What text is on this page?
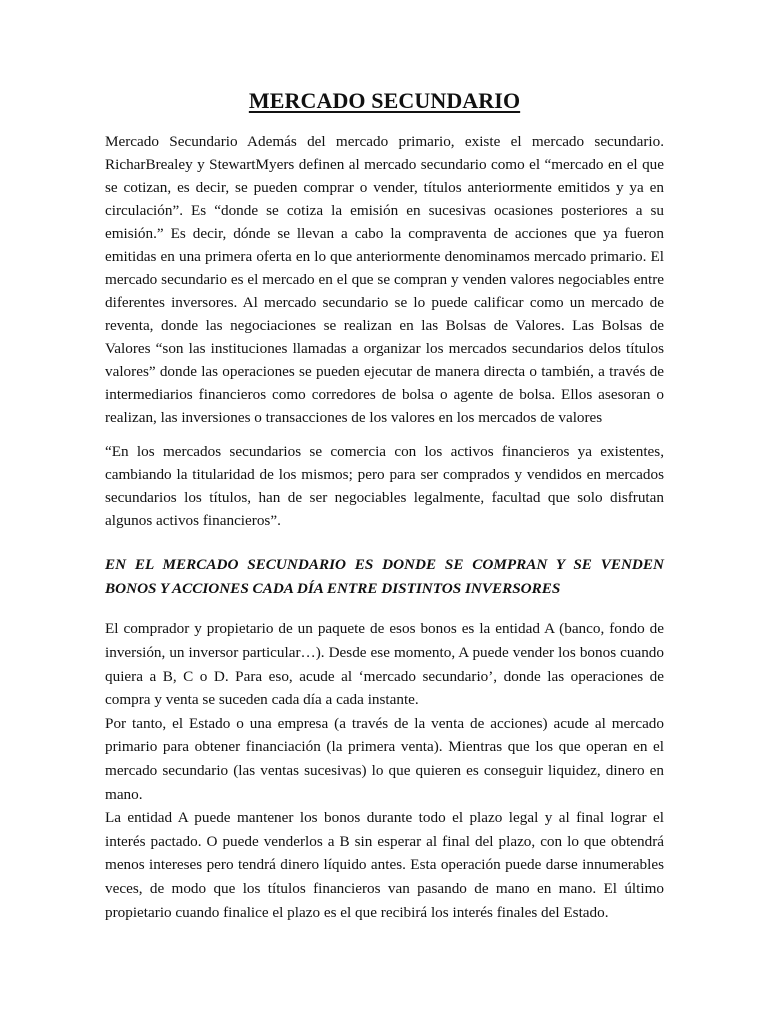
MERCADO SECUNDARIO

Mercado Secundario Además del mercado primario, existe el mercado secundario. RicharBrealey y StewartMyers definen al mercado secundario como el “mercado en el que se cotizan, es decir, se pueden comprar o vender, títulos anteriormente emitidos y ya en circulación”. Es “donde se cotiza la emisión en sucesivas ocasiones posteriores a su emisión.” Es decir, dónde se llevan a cabo la compraventa de acciones que ya fueron emitidas en una primera oferta en lo que anteriormente denominamos mercado primario. El mercado secundario es el mercado en el que se compran y venden valores negociables entre diferentes inversores. Al mercado secundario se lo puede calificar como un mercado de reventa, donde las negociaciones se realizan en las Bolsas de Valores. Las Bolsas de Valores “son las instituciones llamadas a organizar los mercados secundarios delos títulos valores” donde las operaciones se pueden ejecutar de manera directa o también, a través de intermediarios financieros como corredores de bolsa o agente de bolsa. Ellos asesoran o realizan, las inversiones o transacciones de los valores en los mercados de valores

“En los mercados secundarios se comercia con los activos financieros ya existentes, cambiando la titularidad de los mismos; pero para ser comprados y vendidos en mercados secundarios los títulos, han de ser negociables legalmente, facultad que solo disfrutan algunos activos financieros”.

EN EL MERCADO SECUNDARIO ES DONDE SE COMPRAN Y SE VENDEN BONOS Y ACCIONES CADA DÍA ENTRE DISTINTOS INVERSORES

El comprador y propietario de un paquete de esos bonos es la entidad A (banco, fondo de inversión, un inversor particular…). Desde ese momento, A puede vender los bonos cuando quiera a B, C o D. Para eso, acude al ‘mercado secundario’, donde las operaciones de compra y venta se suceden cada día a cada instante.

Por tanto, el Estado o una empresa (a través de la venta de acciones) acude al mercado primario para obtener financiación (la primera venta). Mientras que los que operan en el mercado secundario (las ventas sucesivas) lo que quieren es conseguir liquidez, dinero en mano.

La entidad A puede mantener los bonos durante todo el plazo legal y al final lograr el interés pactado. O puede venderlos a B sin esperar al final del plazo, con lo que obtendrá menos intereses pero tendrá dinero líquido antes. Esta operación puede darse innumerables veces, de modo que los títulos financieros van pasando de mano en mano. El último propietario cuando finalice el plazo es el que recibirá los interés finales del Estado.
